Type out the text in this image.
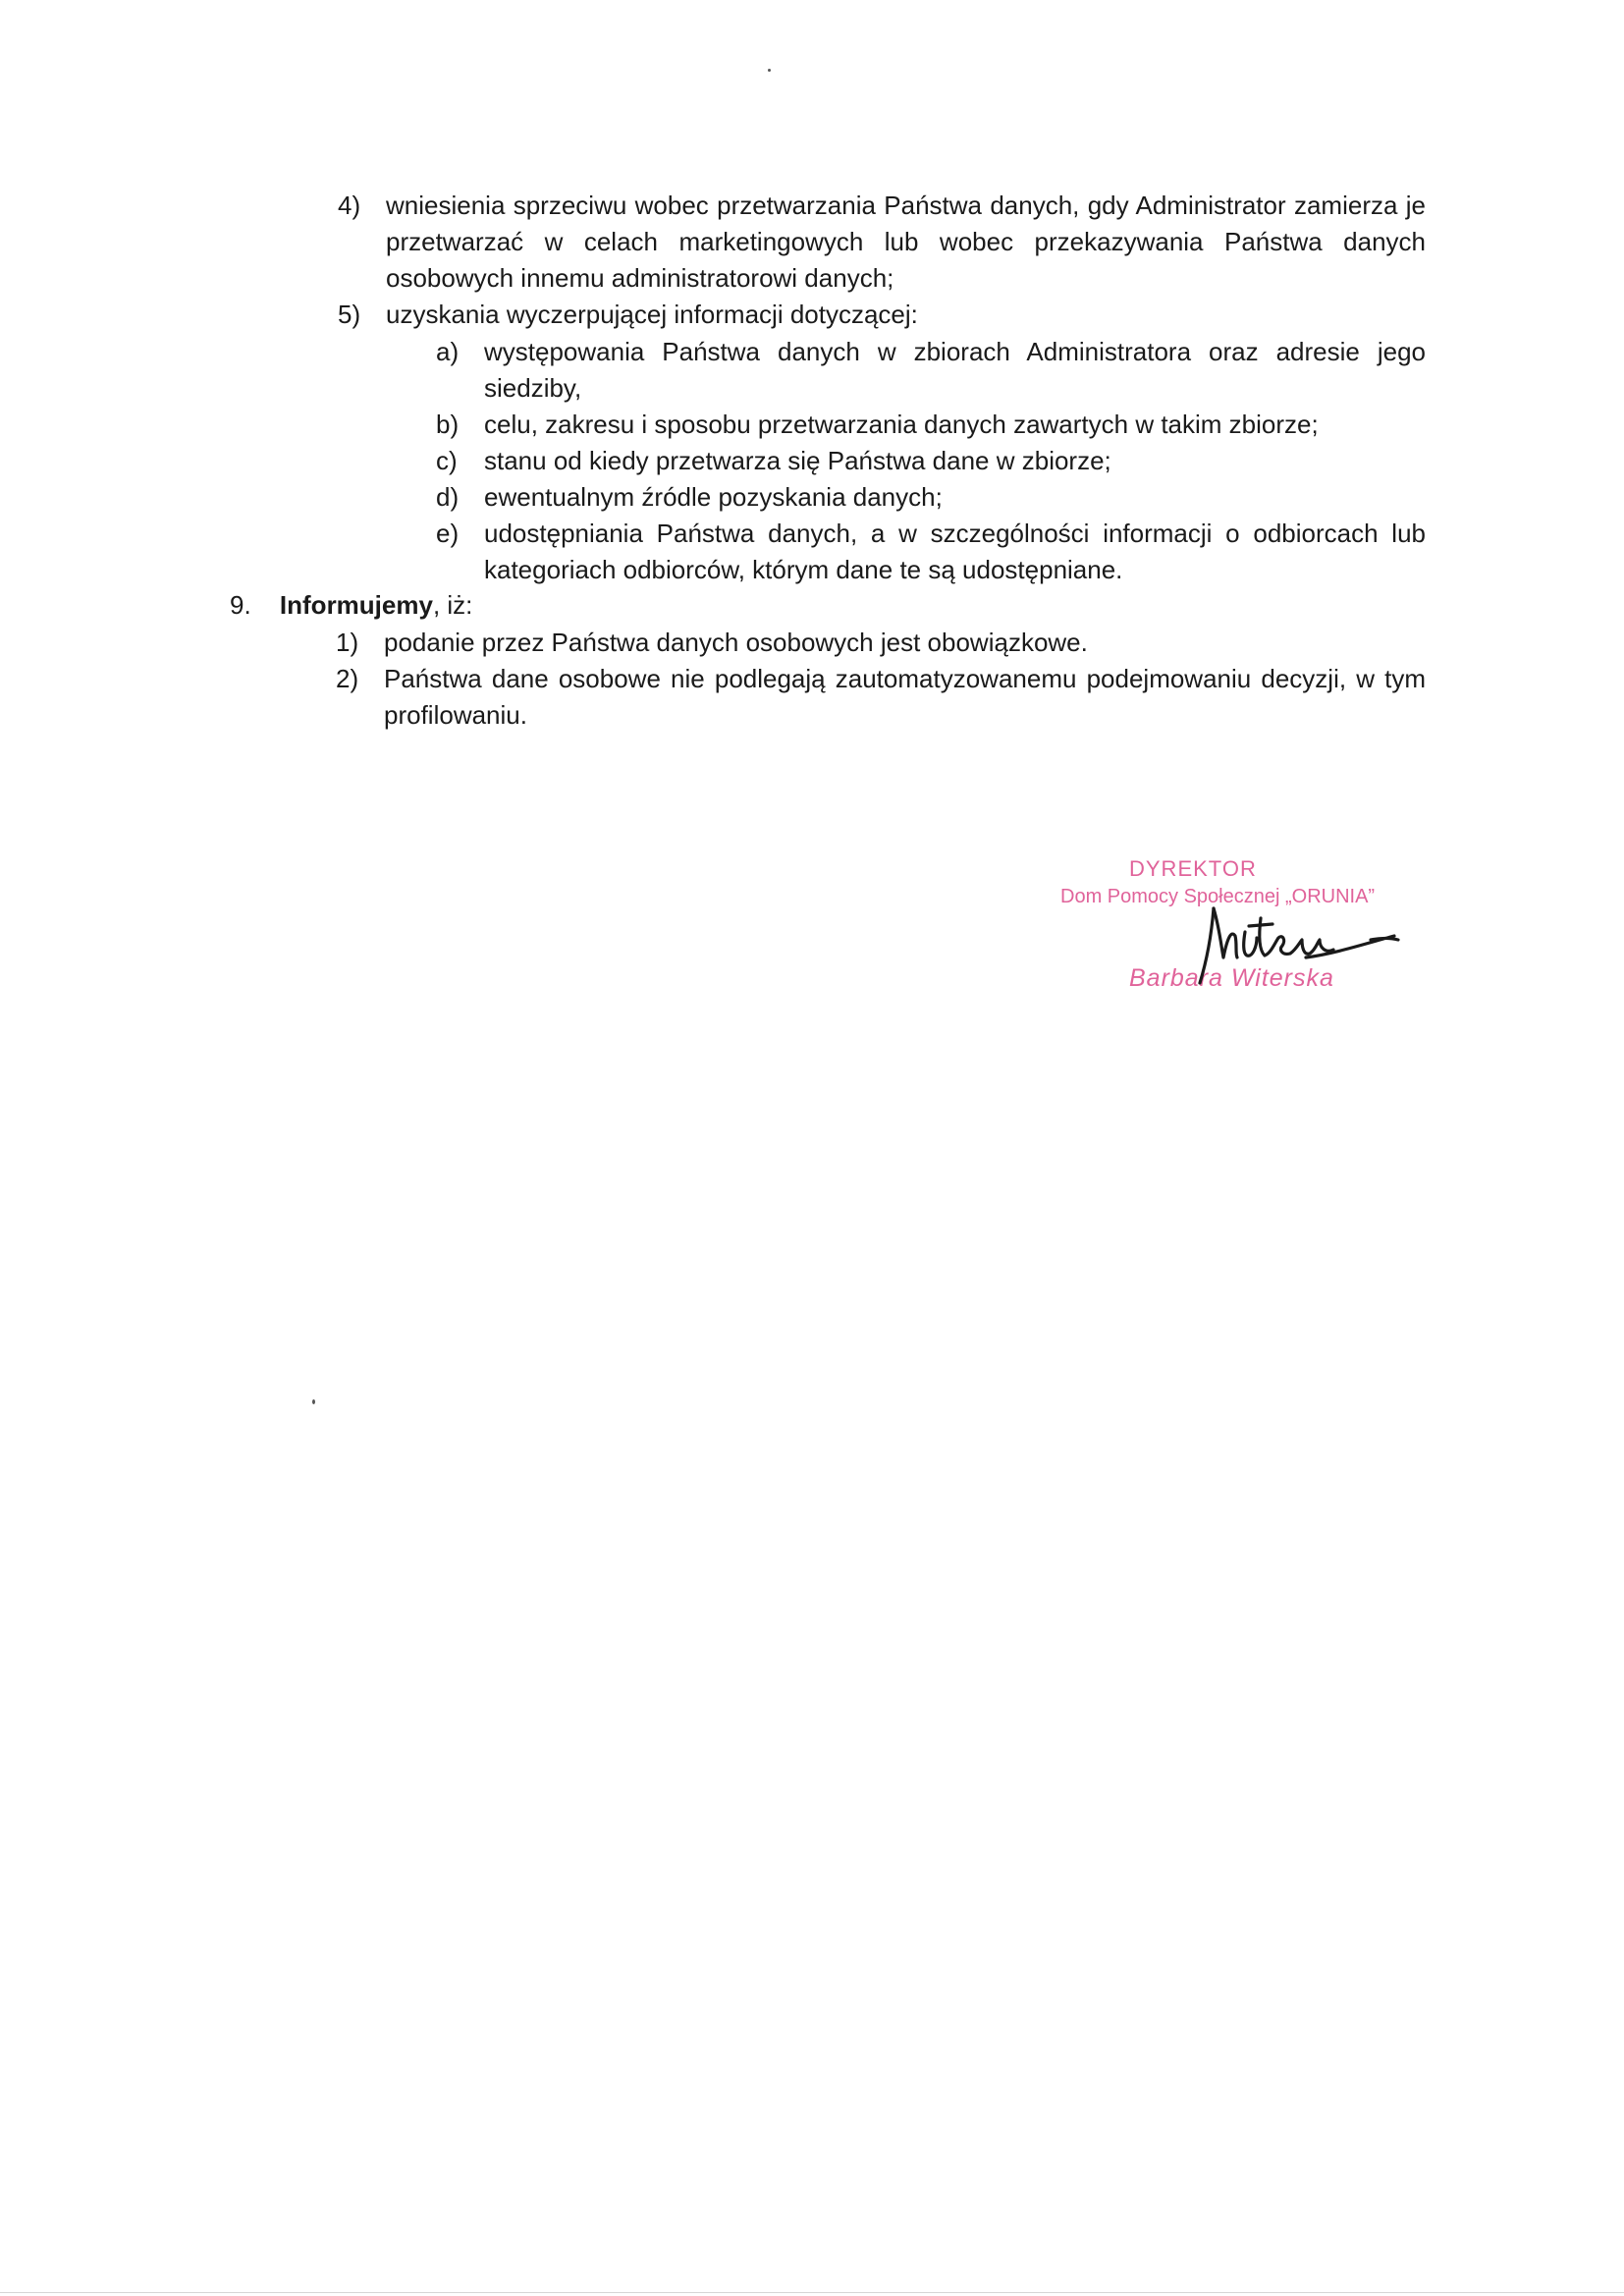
4) wniesienia sprzeciwu wobec przetwarzania Państwa danych, gdy Administrator zamierza je przetwarzać w celach marketingowych lub wobec przekazywania Państwa danych osobowych innemu administratorowi danych;
5) uzyskania wyczerpującej informacji dotyczącej:
a) występowania Państwa danych w zbiorach Administratora oraz adresie jego siedziby,
b) celu, zakresu i sposobu przetwarzania danych zawartych w takim zbiorze;
c) stanu od kiedy przetwarza się Państwa dane w zbiorze;
d) ewentualnym źródle pozyskania danych;
e) udostępniania Państwa danych, a w szczególności informacji o odbiorcach lub kategoriach odbiorców, którym dane te są udostępniane.
9. Informujemy, iż:
1) podanie przez Państwa danych osobowych jest obowiązkowe.
2) Państwa dane osobowe nie podlegają zautomatyzowanemu podejmowaniu decyzji, w tym profilowaniu.
DYREKTOR
Dom Pomocy Społecznej „ORUNIA”
Barbara Witerska
